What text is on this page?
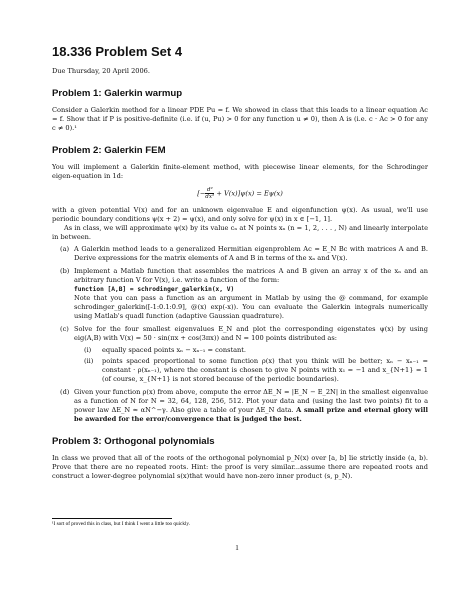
18.336 Problem Set 4

Due Thursday, 20 April 2006.

Problem 1: Galerkin warmup

Consider a Galerkin method for a linear PDE Pu = f. We showed in class that this leads to a linear equation Ac = f. Show that if P is positive-definite (i.e. if (u, Pu) > 0 for any function u ≠ 0), then A is (i.e. c · Ac > 0 for any c ≠ 0).¹

Problem 2: Galerkin FEM

You will implement a Galerkin finite-element method, with piecewise linear elements, for the Schrodinger eigen-equation in 1d:

[− $\frac{\text{d²}}{\text{dx²}} + V(x)]\psi(x) = E\psi(x)$

with a given potential V(x) and for an unknown eigenvalue E and eigenfunction ψ(x). As usual, we'll use periodic boundary conditions ψ(x + 2) = ψ(x), and only solve for ψ(x) in x ∈ [−1, 1].

As in class, we will approximate ψ(x) by its value cₙ at N points xₙ (n = 1, 2, . . . , N) and linearly interpolate in between.

(a) A Galerkin method leads to a generalized Hermitian eigenproblem Ac = E_N Bc with matrices A and B. Derive expressions for the matrix elements of A and B in terms of the xₙ and V(x).
(b) Implement a Matlab function that assembles the matrices A and B given an array x of the xₙ and an arbitrary function V for V(x), i.e. write a function of the form:
function [A,B] = schrodinger_galerkin(x, V)
Note that you can pass a function as an argument in Matlab by using the @ command, for example schrodinger_galerkin([-1:0.1:0.9], @(x) exp(-x)). You can evaluate the Galerkin integrals numerically using Matlab's quadl function (adaptive Gaussian quadrature).
(c) Solve for the four smallest eigenvalues E_N and plot the corresponding eigenstates ψ(x) by using eig(A,B) with V(x) = 50 · sin(πx + cos(3πx)) and N = 100 points distributed as:
(i) equally spaced points xₙ − xₙ₋₁ = constant.
(ii) points spaced proportional to some function ρ(x) that you think will be better; xₙ − xₙ₋₁ = constant · ρ(xₙ₋₁), where the constant is chosen to give N points with x₁ = −1 and x_{N+1} = 1 (of course, x_{N+1} is not stored because of the periodic boundaries).
(d) Given your function ρ(x) from above, compute the error ΔE_N = |E_N − E_2N| in the smallest eigenvalue as a function of N for N = 32, 64, 128, 256, 512. Plot your data and (using the last two points) fit to a power law ΔE_N ≈ αN^−γ. Also give a table of your ΔE_N data. A small prize and eternal glory will be awarded for the error/convergence that is judged the best.
Problem 3: Orthogonal polynomials

In class we proved that all of the roots of the orthogonal polynomial p_N(x) over [a, b] lie strictly inside (a, b). Prove that there are no repeated roots. Hint: the proof is very similar...assume there are repeated roots and construct a lower-degree polynomial s(x)that would have non-zero inner product (s, p_N).

¹I sort of proved this in class, but I think I went a little too quickly.
1
